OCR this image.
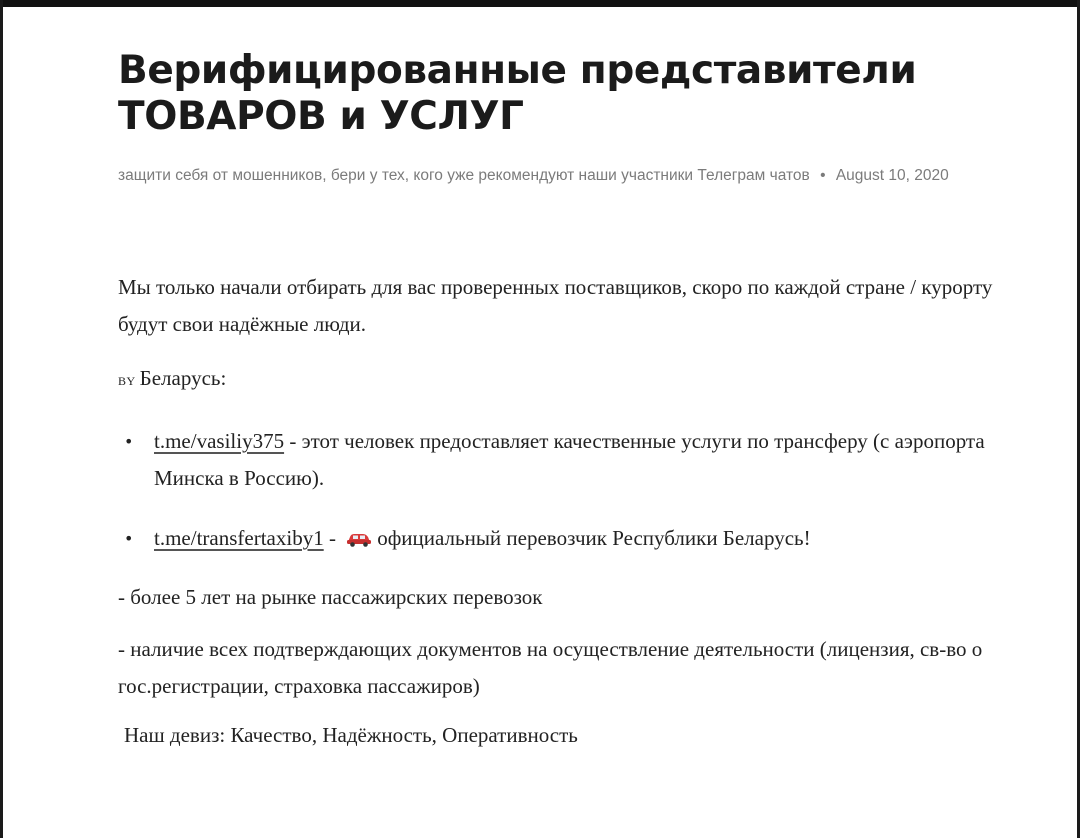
Верифицированные представители
ТОВАРОВ и УСЛУГ
защити себя от мошенников, бери у тех, кого уже рекомендуют наши участники Телеграм чатов • August 10, 2020

Мы только начали отбирать для вас проверенных поставщиков, скоро по каждой стране / курорту будут свои надёжные люди.

BY Беларусь:

• t.me/vasiliy375 - этот человек предоставляет качественные услуги по трансферу (с аэропорта Минска в Россию).
• t.me/transfertaxiby1 - официальный перевозчик Республики Беларусь!

- более 5 лет на рынке пассажирских перевозок

- наличие всех подтверждающих документов на осуществление деятельности (лицензия, св-во о гос.регистрации, страховка пассажиров)

Наш девиз: Качество, Надёжность, Оперативность
